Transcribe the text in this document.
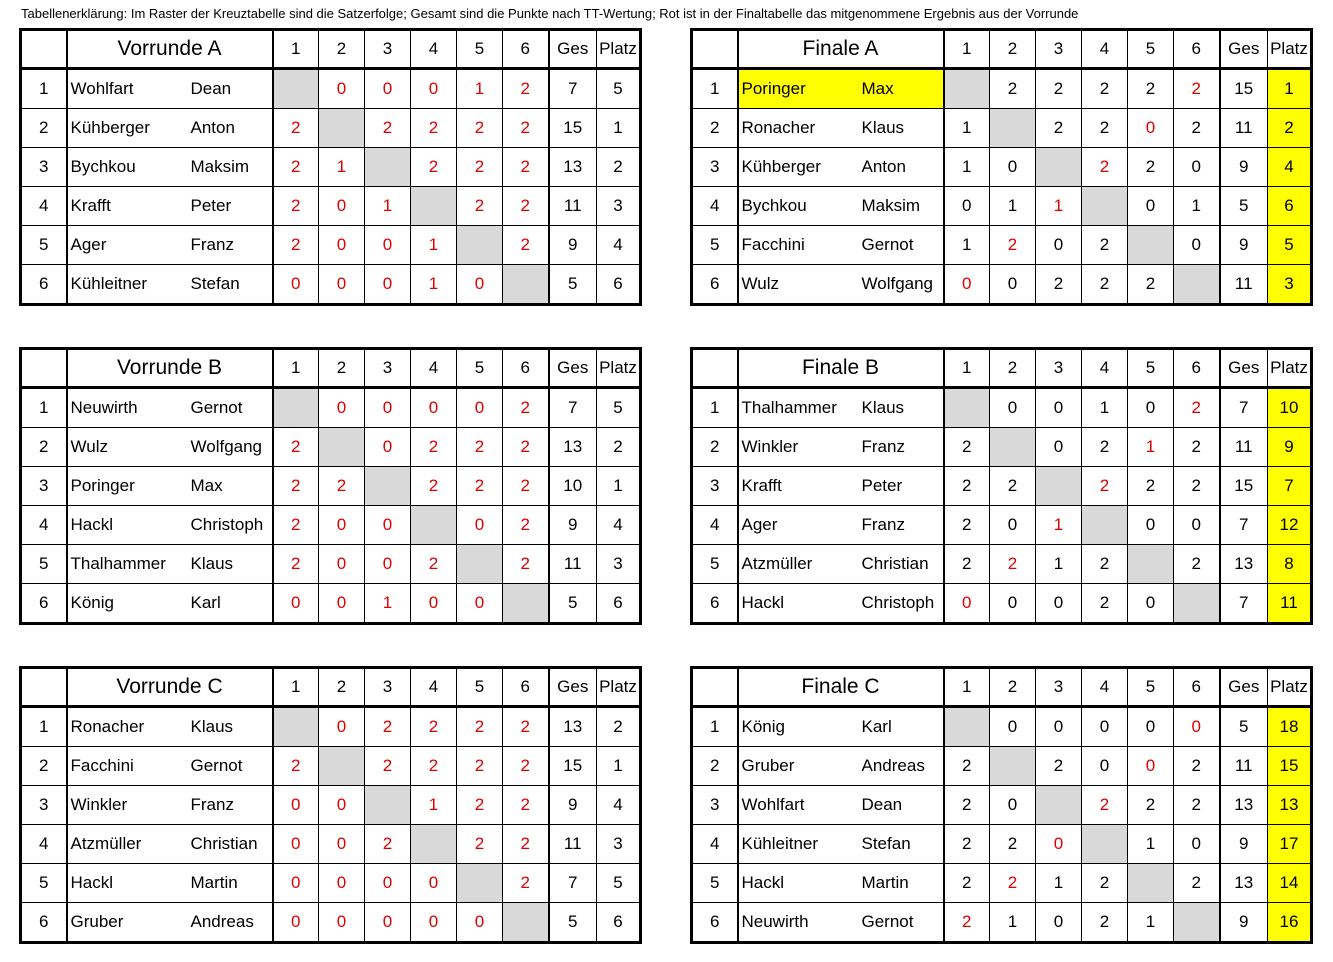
Tabellenerklärung: Im Raster der Kreuztabelle sind die Satzerfolge; Gesamt sind die Punkte nach TT-Wertung; Rot ist in der Finaltabelle das mitgenommene Ergebnis aus der Vorrunde
	Vorrunde A	1	2	3	4	5	6	Ges	Platz
1	Wohlfart Dean		0	0	0	1	2	7	5
2	Kühberger Anton	2		2	2	2	2	15	1
3	Bychkou Maksim	2	1		2	2	2	13	2
4	Krafft Peter	2	0	1		2	2	11	3
5	Ager Franz	2	0	0	1		2	9	4
6	Kühleitner Stefan	0	0	0	1	0		5	6
	Finale A	1	2	3	4	5	6	Ges	Platz
1	Poringer Max		2	2	2	2	2	15	1
2	Ronacher Klaus	1		2	2	0	2	11	2
3	Kühberger Anton	1	0		2	2	0	9	4
4	Bychkou Maksim	0	1	1		0	1	5	6
5	Facchini Gernot	1	2	0	2		0	9	5
6	Wulz Wolfgang	0	0	2	2	2		11	3
	Vorrunde B	1	2	3	4	5	6	Ges	Platz
1	Neuwirth Gernot		0	0	0	0	2	7	5
2	Wulz Wolfgang	2		0	2	2	2	13	2
3	Poringer Max	2	2		2	2	2	10	1
4	Hackl Christoph	2	0	0		0	2	9	4
5	Thalhammer Klaus	2	0	0	2		2	11	3
6	König Karl	0	0	1	0	0		5	6
	Finale B	1	2	3	4	5	6	Ges	Platz
1	Thalhammer Klaus		0	0	1	0	2	7	10
2	Winkler Franz	2		0	2	1	2	11	9
3	Krafft Peter	2	2		2	2	2	15	7
4	Ager Franz	2	0	1		0	0	7	12
5	Atzmüller Christian	2	2	1	2		2	13	8
6	Hackl Christoph	0	0	0	2	0		7	11
	Vorrunde C	1	2	3	4	5	6	Ges	Platz
1	Ronacher Klaus		0	2	2	2	2	13	2
2	Facchini Gernot	2		2	2	2	2	15	1
3	Winkler Franz	0	0		1	2	2	9	4
4	Atzmüller Christian	0	0	2		2	2	11	3
5	Hackl Martin	0	0	0	0		2	7	5
6	Gruber Andreas	0	0	0	0	0		5	6
	Finale C	1	2	3	4	5	6	Ges	Platz
1	König Karl		0	0	0	0	0	5	18
2	Gruber Andreas	2		2	0	0	2	11	15
3	Wohlfart Dean	2	0		2	2	2	13	13
4	Kühleitner Stefan	2	2	0		1	0	9	17
5	Hackl Martin	2	2	1	2		2	13	14
6	Neuwirth Gernot	2	1	0	2	1		9	16
